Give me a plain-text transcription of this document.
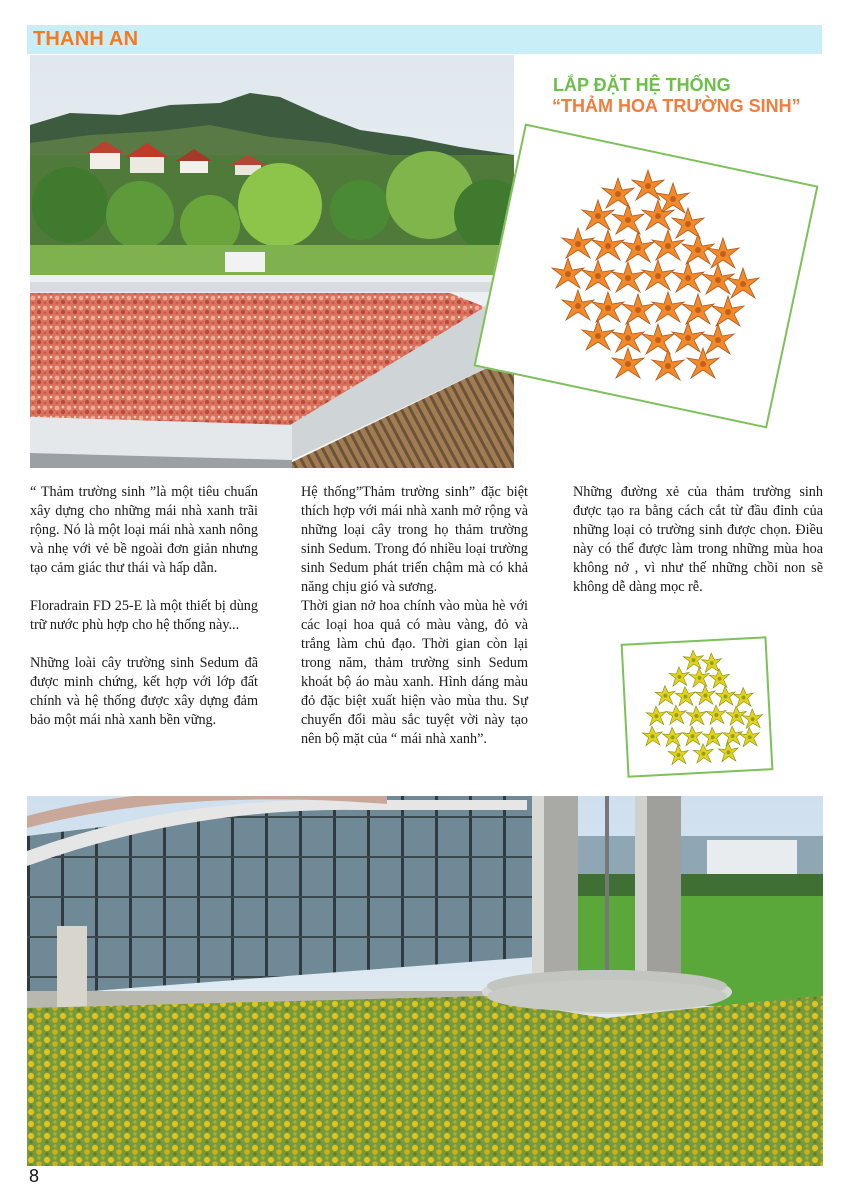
THANH AN
LẮP ĐẶT HỆ THỐNG
“THẢM HOA TRƯỜNG SINH”

“ Thảm trường sinh ”là một tiêu chuẩn xây dựng cho những mái nhà xanh trãi rộng. Nó là một loại mái nhà xanh nông và nhẹ với vẻ bề ngoài đơn giản nhưng tạo cảm giác thư thái và hấp dẫn.

Floradrain FD 25-E là một thiết bị dùng trữ nước phù hợp cho hệ thống này...

Những loài cây trường sinh Sedum đã được minh chứng, kết hợp với lớp đất chính và hệ thống được xây dựng đảm bảo một mái nhà xanh bền vững.

Hệ thống”Thảm trường sinh” đặc biệt thích hợp với mái nhà xanh mở rộng và những loại cây trong họ thảm trường sinh Sedum. Trong đó nhiều loại trường sinh Sedum phát triển chậm mà có khả năng chịu gió và sương.

Thời gian nở hoa chính vào mùa hè với các loại hoa quả có màu vàng, đỏ và trắng làm chủ đạo. Thời gian còn lại trong năm, thảm trường sinh Sedum khoát bộ áo màu xanh. Hình dáng màu đỏ đặc biệt xuất hiện vào mùa thu. Sự chuyển đổi màu sắc tuyệt vời này tạo nên bộ mặt của “ mái nhà xanh”.

Những đường xẻ của thảm trường sinh được tạo ra bằng cách cắt từ đầu đỉnh của những loại cỏ trường sinh được chọn. Điều này có thể được làm trong những mùa hoa không nở , vì như thế những chồi non sẽ không dễ dàng mọc rễ.

8
